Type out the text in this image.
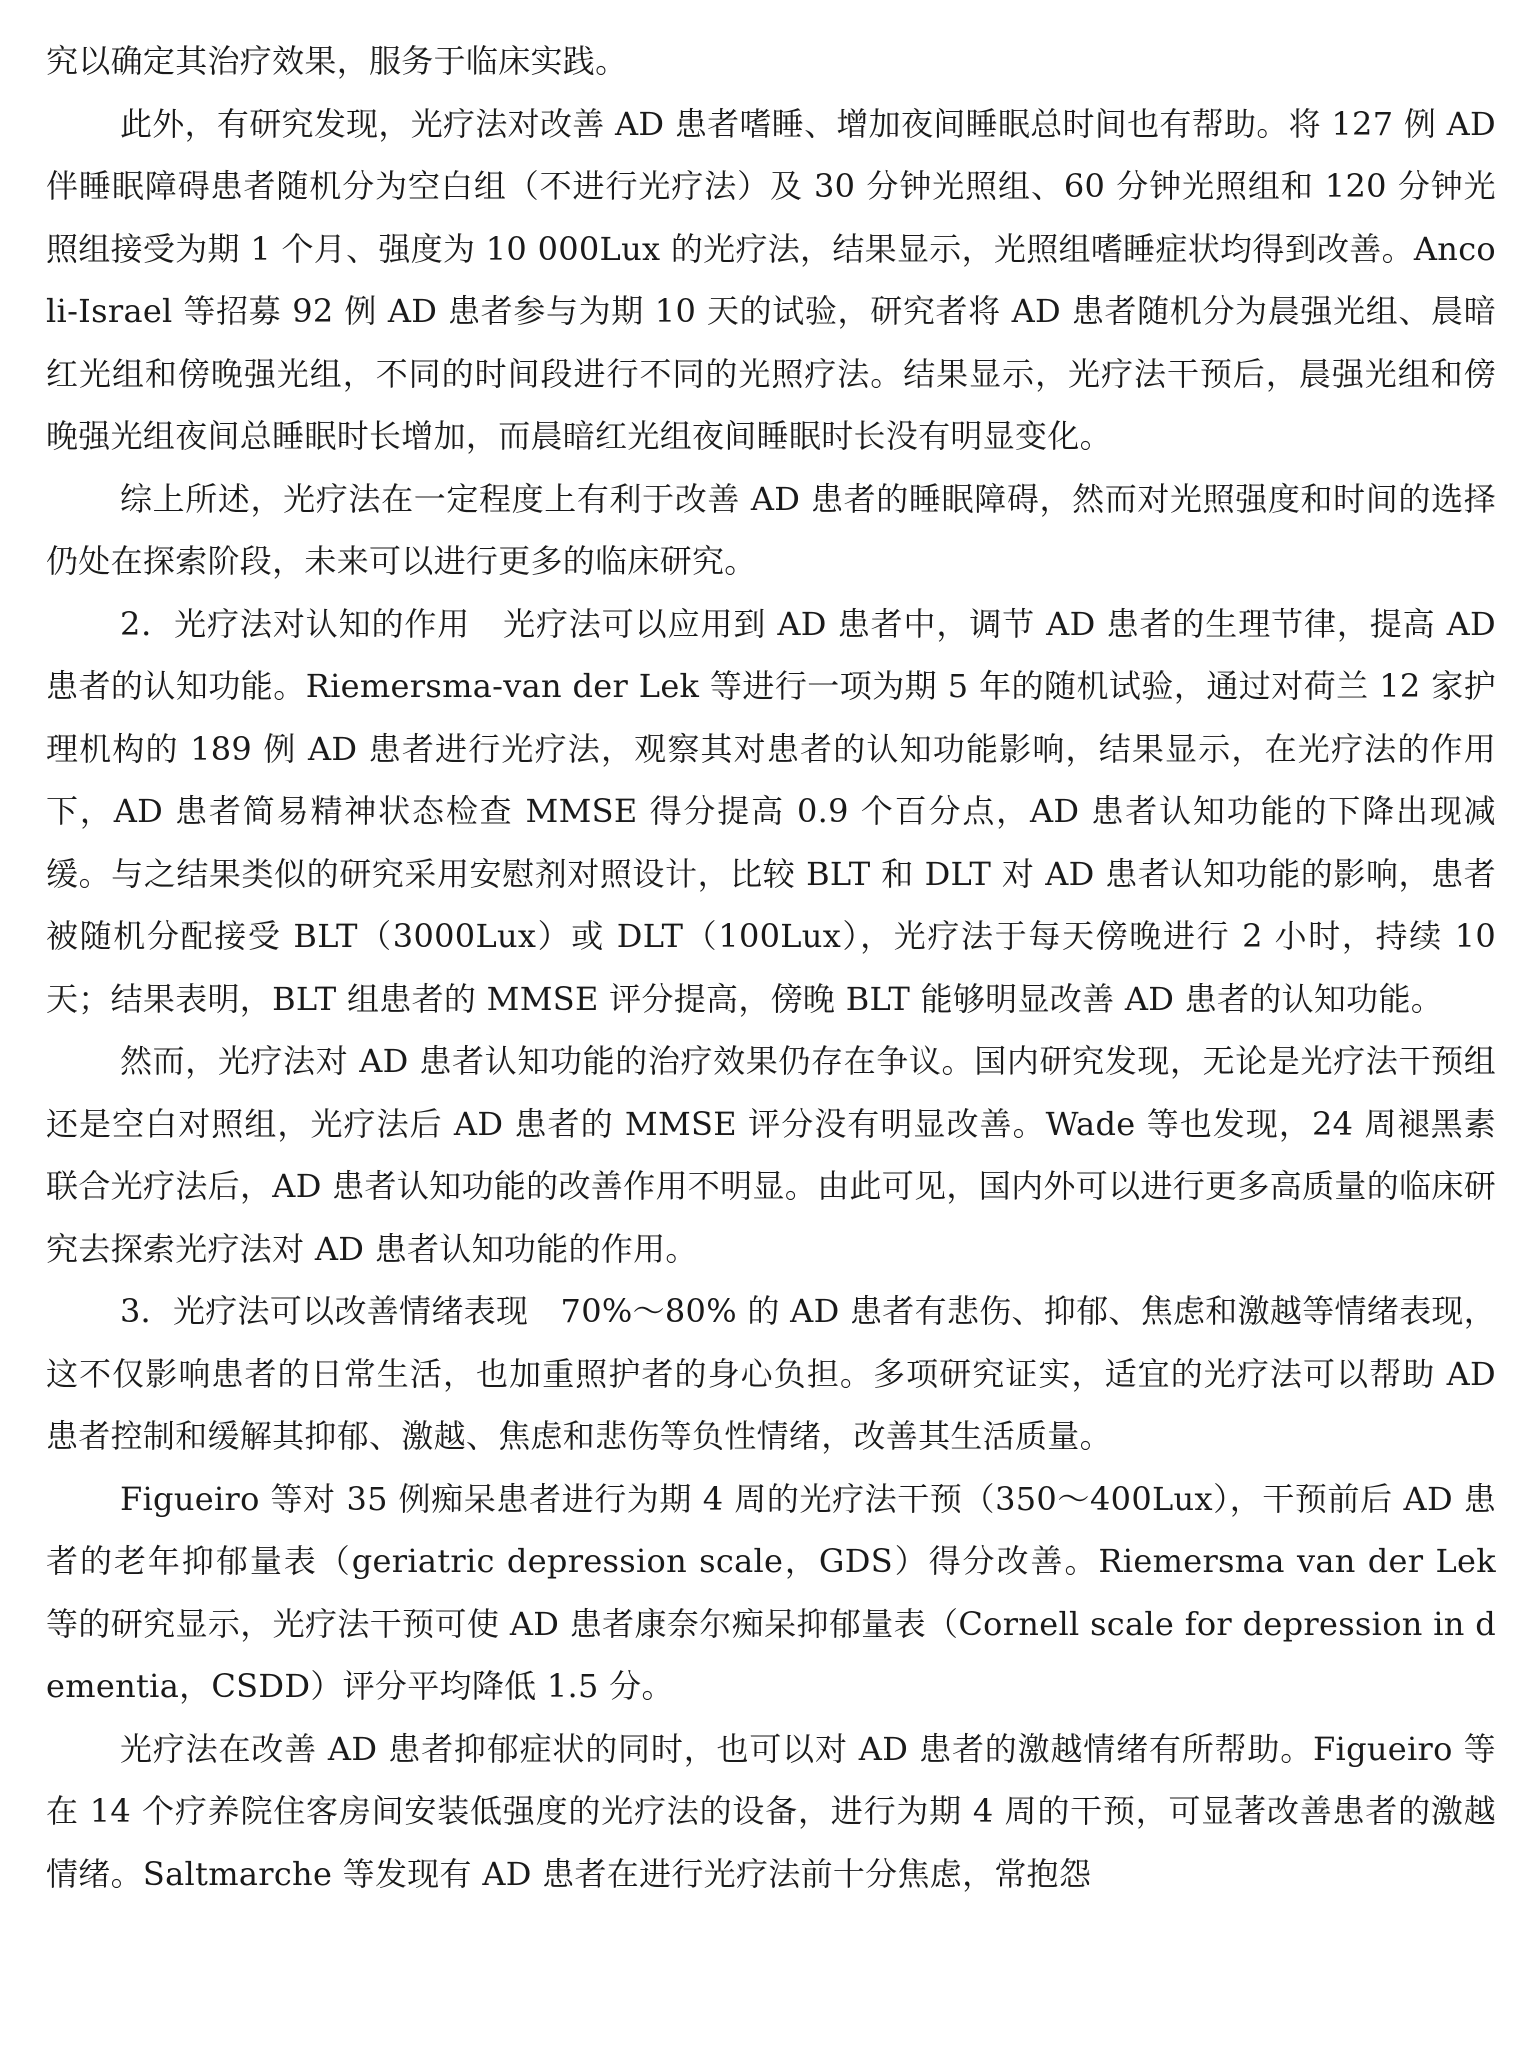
究以确定其治疗效果，服务于临床实践。

此外，有研究发现，光疗法对改善 AD 患者嗜睡、增加夜间睡眠总时间也有帮助。将 127 例 AD 伴睡眠障碍患者随机分为空白组（不进行光疗法）及 30 分钟光照组、60 分钟光照组和 120 分钟光照组接受为期 1 个月、强度为 10 000Lux 的光疗法，结果显示，光照组嗜睡症状均得到改善。Ancoli-Israel 等招募 92 例 AD 患者参与为期 10 天的试验，研究者将 AD 患者随机分为晨强光组、晨暗红光组和傍晚强光组，不同的时间段进行不同的光照疗法。结果显示，光疗法干预后，晨强光组和傍晚强光组夜间总睡眠时长增加，而晨暗红光组夜间睡眠时长没有明显变化。

综上所述，光疗法在一定程度上有利于改善 AD 患者的睡眠障碍，然而对光照强度和时间的选择仍处在探索阶段，未来可以进行更多的临床研究。

2．光疗法对认知的作用　光疗法可以应用到 AD 患者中，调节 AD 患者的生理节律，提高 AD 患者的认知功能。Riemersma-van der Lek 等进行一项为期 5 年的随机试验，通过对荷兰 12 家护理机构的 189 例 AD 患者进行光疗法，观察其对患者的认知功能影响，结果显示，在光疗法的作用下，AD 患者简易精神状态检查 MMSE 得分提高 0.9 个百分点，AD 患者认知功能的下降出现减缓。与之结果类似的研究采用安慰剂对照设计，比较 BLT 和 DLT 对 AD 患者认知功能的影响，患者被随机分配接受 BLT（3000Lux）或 DLT（100Lux），光疗法于每天傍晚进行 2 小时，持续 10 天；结果表明，BLT 组患者的 MMSE 评分提高，傍晚 BLT 能够明显改善 AD 患者的认知功能。

然而，光疗法对 AD 患者认知功能的治疗效果仍存在争议。国内研究发现，无论是光疗法干预组还是空白对照组，光疗法后 AD 患者的 MMSE 评分没有明显改善。Wade 等也发现，24 周褪黑素联合光疗法后，AD 患者认知功能的改善作用不明显。由此可见，国内外可以进行更多高质量的临床研究去探索光疗法对 AD 患者认知功能的作用。

3．光疗法可以改善情绪表现　70%～80% 的 AD 患者有悲伤、抑郁、焦虑和激越等情绪表现，这不仅影响患者的日常生活，也加重照护者的身心负担。多项研究证实，适宜的光疗法可以帮助 AD 患者控制和缓解其抑郁、激越、焦虑和悲伤等负性情绪，改善其生活质量。

Figueiro 等对 35 例痴呆患者进行为期 4 周的光疗法干预（350～400Lux），干预前后 AD 患者的老年抑郁量表（geriatric depression scale，GDS）得分改善。Riemersma van der Lek 等的研究显示，光疗法干预可使 AD 患者康奈尔痴呆抑郁量表（Cornell scale for depression in dementia，CSDD）评分平均降低 1.5 分。

光疗法在改善 AD 患者抑郁症状的同时，也可以对 AD 患者的激越情绪有所帮助。Figueiro 等在 14 个疗养院住客房间安装低强度的光疗法的设备，进行为期 4 周的干预，可显著改善患者的激越情绪。Saltmarche 等发现有 AD 患者在进行光疗法前十分焦虑，常抱怨
